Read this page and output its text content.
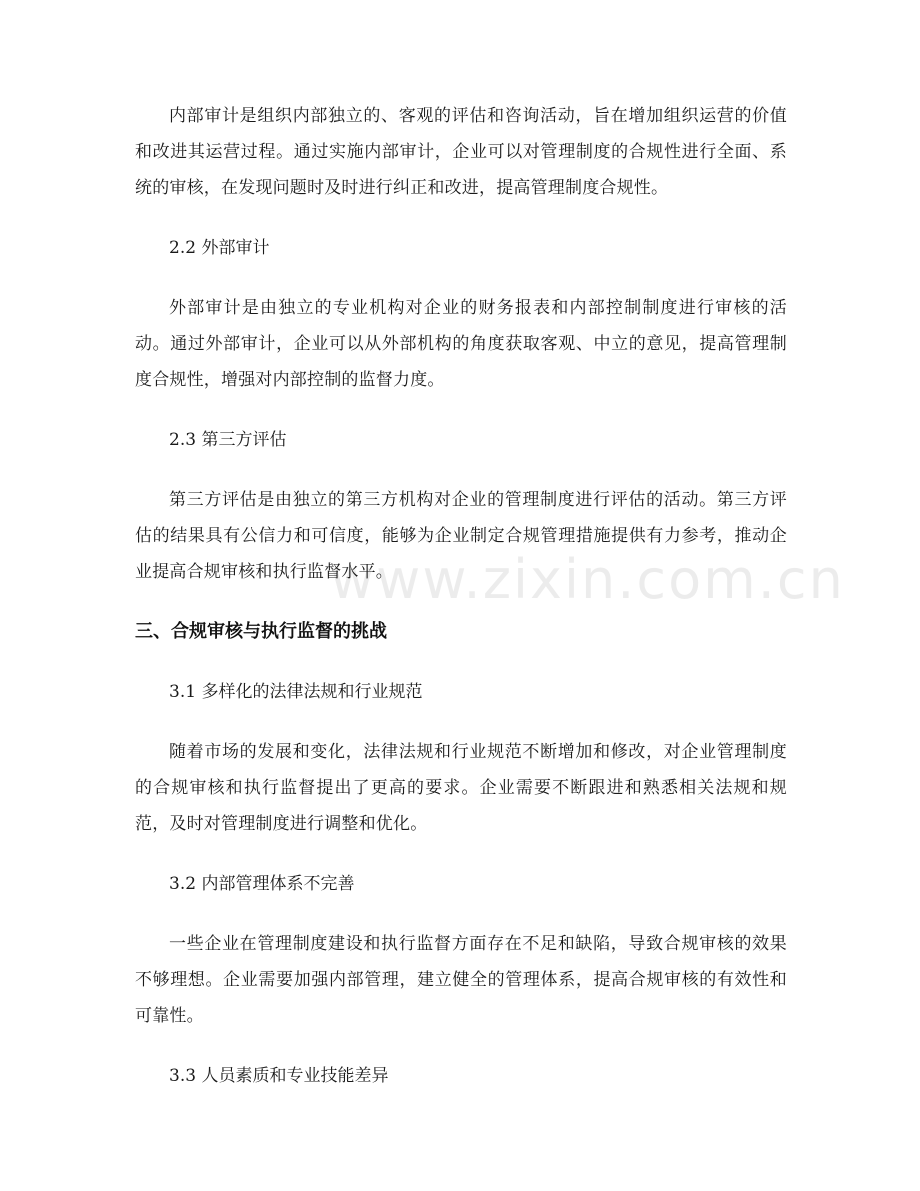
www.zixin.com.cn

内部审计是组织内部独立的、客观的评估和咨询活动，旨在增加组织运营的价值和改进其运营过程。通过实施内部审计，企业可以对管理制度的合规性进行全面、系统的审核，在发现问题时及时进行纠正和改进，提高管理制度合规性。

2.2 外部审计

外部审计是由独立的专业机构对企业的财务报表和内部控制制度进行审核的活动。通过外部审计，企业可以从外部机构的角度获取客观、中立的意见，提高管理制度合规性，增强对内部控制的监督力度。

2.3 第三方评估

第三方评估是由独立的第三方机构对企业的管理制度进行评估的活动。第三方评估的结果具有公信力和可信度，能够为企业制定合规管理措施提供有力参考，推动企业提高合规审核和执行监督水平。

三、合规审核与执行监督的挑战

3.1 多样化的法律法规和行业规范

随着市场的发展和变化，法律法规和行业规范不断增加和修改，对企业管理制度的合规审核和执行监督提出了更高的要求。企业需要不断跟进和熟悉相关法规和规范，及时对管理制度进行调整和优化。

3.2 内部管理体系不完善

一些企业在管理制度建设和执行监督方面存在不足和缺陷，导致合规审核的效果不够理想。企业需要加强内部管理，建立健全的管理体系，提高合规审核的有效性和可靠性。

3.3 人员素质和专业技能差异
